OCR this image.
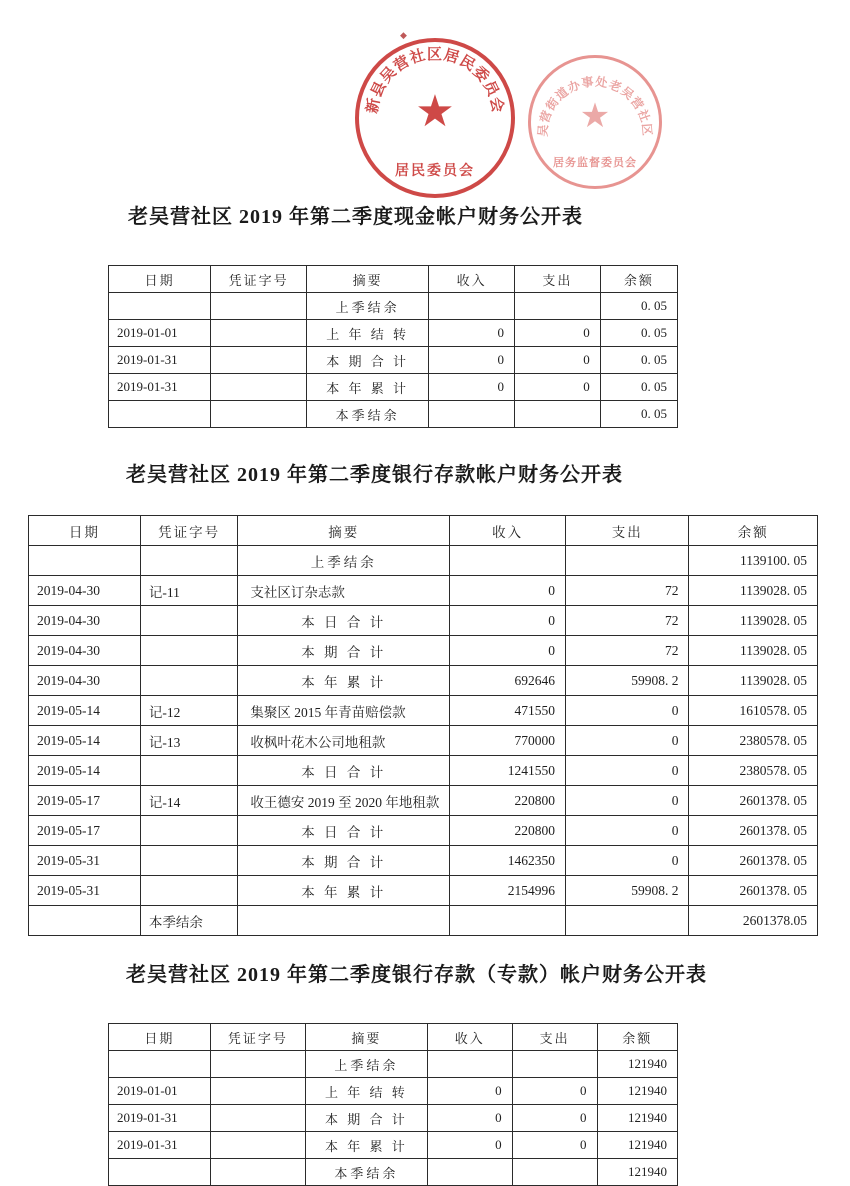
◆
新县吴营社区居民委员会
★
居民委员会
吴营街道办事处老吴营社区
★
居务监督委员会
老吴营社区 2019 年第二季度现金帐户财务公开表
日期	凭证字号	摘要	收入	支出	余额
		上季结余			0. 05
2019-01-01		上 年 结 转	0	0	0. 05
2019-01-31		本 期 合 计	0	0	0. 05
2019-01-31		本 年 累 计	0	0	0. 05
		本季结余			0. 05
老吴营社区 2019 年第二季度银行存款帐户财务公开表
日期	凭证字号	摘要	收入	支出	余额
		上季结余			1139100. 05
2019-04-30	记-11	支社区订杂志款	0	72	1139028. 05
2019-04-30		本 日 合 计	0	72	1139028. 05
2019-04-30		本 期 合 计	0	72	1139028. 05
2019-04-30		本 年 累 计	692646	59908. 2	1139028. 05
2019-05-14	记-12	集聚区 2015 年青苗赔偿款	471550	0	1610578. 05
2019-05-14	记-13	收枫叶花木公司地租款	770000	0	2380578. 05
2019-05-14		本 日 合 计	1241550	0	2380578. 05
2019-05-17	记-14	收王德安 2019 至 2020 年地租款	220800	0	2601378. 05
2019-05-17		本 日 合 计	220800	0	2601378. 05
2019-05-31		本 期 合 计	1462350	0	2601378. 05
2019-05-31		本 年 累 计	2154996	59908. 2	2601378. 05
	本季结余				2601378.05
老吴营社区 2019 年第二季度银行存款（专款）帐户财务公开表
日期	凭证字号	摘要	收入	支出	余额
		上季结余			121940
2019-01-01		上 年 结 转	0	0	121940
2019-01-31		本 期 合 计	0	0	121940
2019-01-31		本 年 累 计	0	0	121940
		本季结余			121940
